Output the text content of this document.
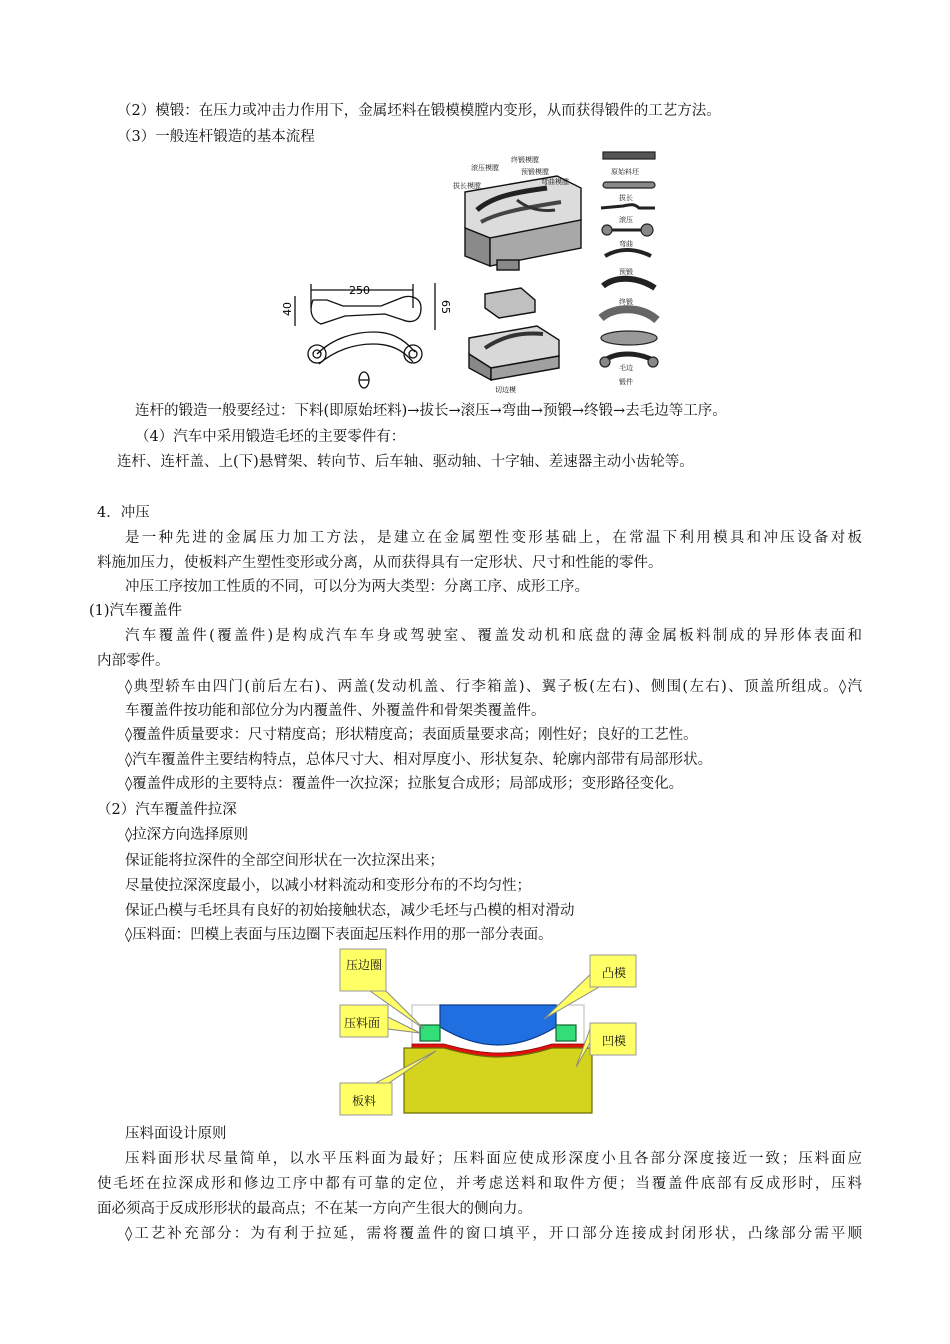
（2）模锻：在压力或冲击力作用下，金属坯料在锻模模膛内变形，从而获得锻件的工艺方法。
（3）一般连杆锻造的基本流程
250
40	65
滚压模膛
终锻模膛
预锻模膛
拔长模膛	弯曲模膛
切边模
原始料坯
拔长
滚压
弯曲
预锻
终锻
毛边
锻件
连杆的锻造一般要经过：下料(即原始坯料)→拔长→滚压→弯曲→预锻→终锻→去毛边等工序。
（4）汽车中采用锻造毛坯的主要零件有：
连杆、连杆盖、上(下)悬臂架、转向节、后车轴、驱动轴、十字轴、差速器主动小齿轮等。
4．冲压
是一种先进的金属压力加工方法，是建立在金属塑性变形基础上，在常温下利用模具和冲压设备对板
料施加压力，使板料产生塑性变形或分离，从而获得具有一定形状、尺寸和性能的零件。
冲压工序按加工性质的不同，可以分为两大类型：分离工序、成形工序。
(1)汽车覆盖件
汽车覆盖件(覆盖件)是构成汽车车身或驾驶室、覆盖发动机和底盘的薄金属板料制成的异形体表面和
内部零件。
◊典型轿车由四门(前后左右)、两盖(发动机盖、行李箱盖)、翼子板(左右)、侧围(左右)、顶盖所组成。◊汽
车覆盖件按功能和部位分为内覆盖件、外覆盖件和骨架类覆盖件。
◊覆盖件质量要求：尺寸精度高；形状精度高；表面质量要求高；刚性好；良好的工艺性。
◊汽车覆盖件主要结构特点，总体尺寸大、相对厚度小、形状复杂、轮廓内部带有局部形状。
◊覆盖件成形的主要特点：覆盖件一次拉深；拉胀复合成形；局部成形；变形路径变化。
（2）汽车覆盖件拉深
◊拉深方向选择原则
保证能将拉深件的全部空间形状在一次拉深出来；
尽量使拉深深度最小，以减小材料流动和变形分布的不均匀性；
保证凸模与毛坯具有良好的初始接触状态，减少毛坯与凸模的相对滑动
◊压料面：凹模上表面与压边圈下表面起压料作用的那一部分表面。
压边圈
凸模
压料面
凹模
板料
压料面设计原则
压料面形状尽量简单，以水平压料面为最好；压料面应使成形深度小且各部分深度接近一致；压料面应
使毛坯在拉深成形和修边工序中都有可靠的定位，并考虑送料和取件方便；当覆盖件底部有反成形时，压料
面必须高于反成形形状的最高点；不在某一方向产生很大的侧向力。
◊工艺补充部分：为有利于拉延，需将覆盖件的窗口填平，开口部分连接成封闭形状，凸缘部分需平顺
